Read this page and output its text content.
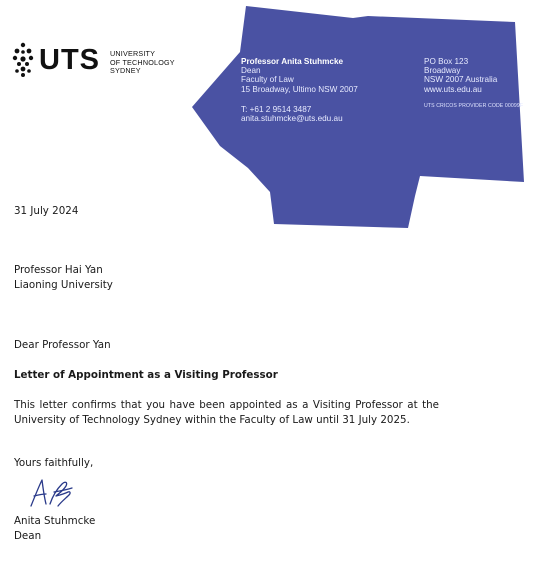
UTS UNIVERSITY
OF TECHNOLOGY
SYDNEY
Professor Anita Stuhmcke
Dean
Faculty of Law
15 Broadway, Ultimo NSW 2007
T: +61 2 9514 3487
anita.stuhmcke@uts.edu.au
PO Box 123
Broadway
NSW 2007 Australia
www.uts.edu.au
UTS CRICOS PROVIDER CODE 00099F
31 July 2024
Professor Hai Yan
Liaoning University
Dear Professor Yan
Letter of Appointment as a Visiting Professor
This letter confirms that you have been appointed as a Visiting Professor at the University of Technology Sydney within the Faculty of Law until 31 July 2025.
Yours faithfully,
Anita Stuhmcke
Dean
